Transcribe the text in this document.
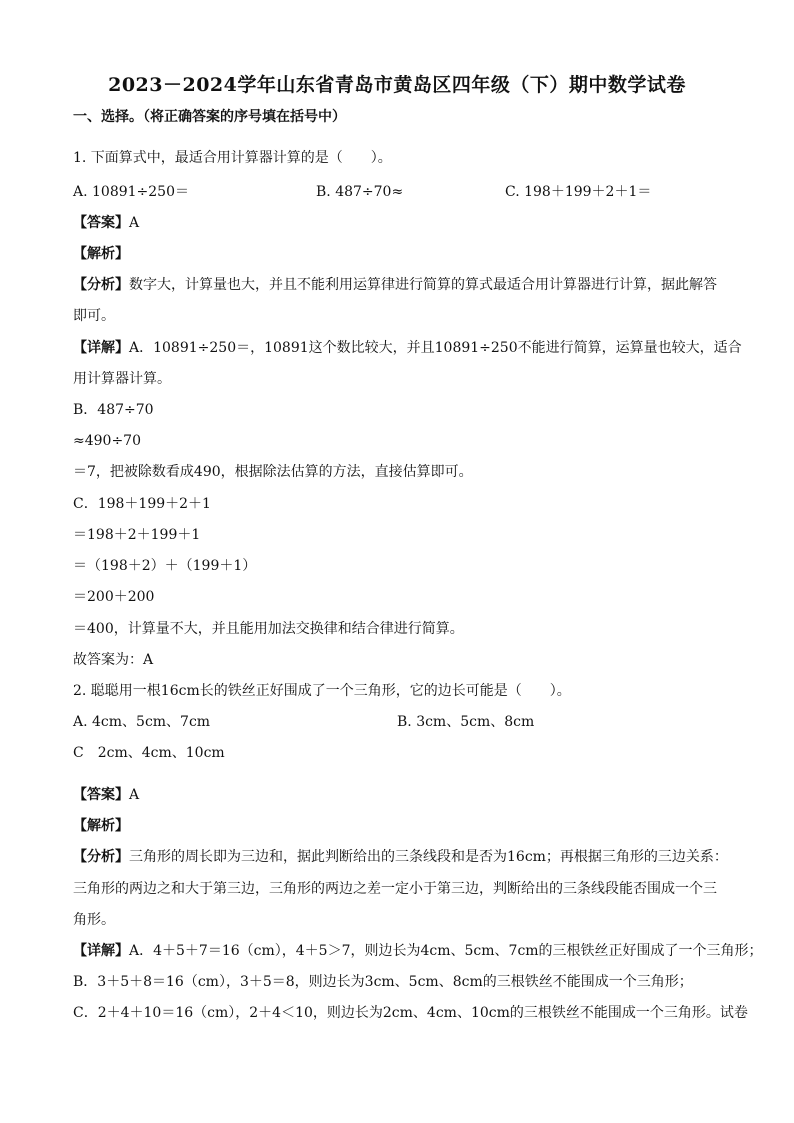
2023－2024学年山东省青岛市黄岛区四年级（下）期中数学试卷
一、选择。（将正确答案的序号填在括号中）
1. 下面算式中，最适合用计算器计算的是（　　）。
A. 10891÷250＝	B. 487÷70≈	C. 198＋199＋2＋1＝
【答案】A
【解析】
【分析】数字大，计算量也大，并且不能利用运算律进行简算的算式最适合用计算器进行计算，据此解答
即可。
【详解】A．10891÷250＝，10891这个数比较大，并且10891÷250不能进行简算，运算量也较大，适合
用计算器计算。
B．487÷70
≈490÷70
＝7，把被除数看成490，根据除法估算的方法，直接估算即可。
C．198＋199＋2＋1
＝198＋2＋199＋1
＝（198＋2）＋（199＋1）
＝200＋200
＝400，计算量不大，并且能用加法交换律和结合律进行简算。
故答案为：A
2. 聪聪用一根16cm长的铁丝正好围成了一个三角形，它的边长可能是（　　）。
A. 4cm、5cm、7cm	B. 3cm、5cm、8cm
C　2cm、4cm、10cm
【答案】A
【解析】
【分析】三角形的周长即为三边和，据此判断给出的三条线段和是否为16cm；再根据三角形的三边关系：
三角形的两边之和大于第三边，三角形的两边之差一定小于第三边，判断给出的三条线段能否围成一个三
角形。
【详解】A．4＋5＋7＝16（cm），4＋5＞7，则边长为4cm、5cm、7cm的三根铁丝正好围成了一个三角形；
B．3＋5＋8＝16（cm），3＋5＝8，则边长为3cm、5cm、8cm的三根铁丝不能围成一个三角形；
C．2＋4＋10＝16（cm），2＋4＜10，则边长为2cm、4cm、10cm的三根铁丝不能围成一个三角形。试卷
